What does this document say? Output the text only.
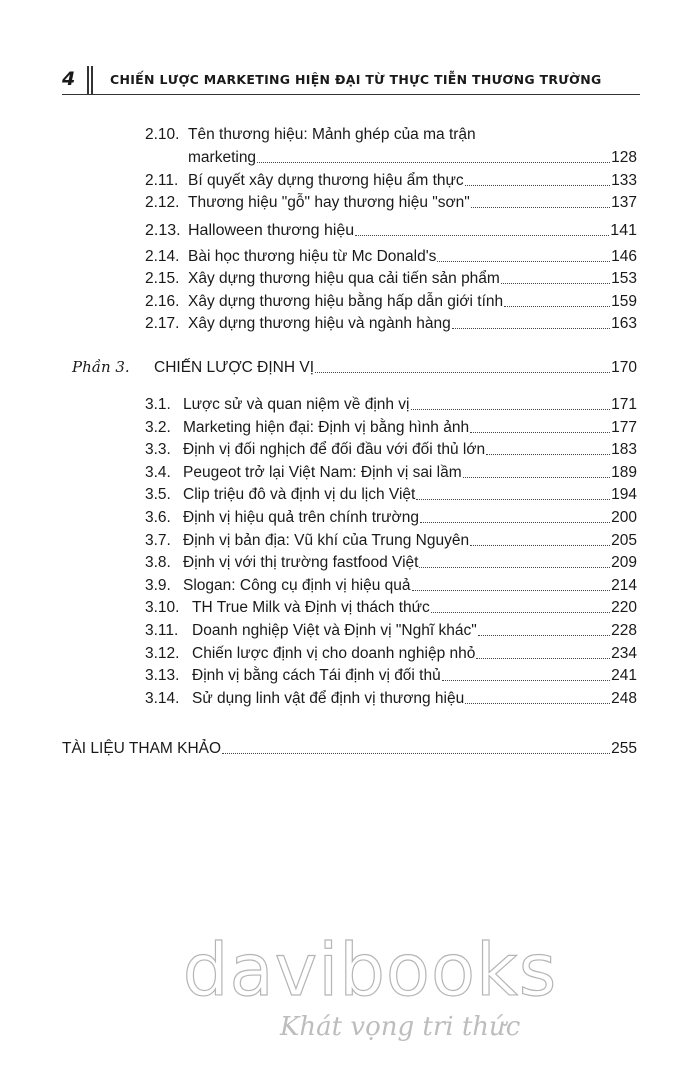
4	CHIẾN LƯỢC MARKETING HIỆN ĐẠI TỪ THỰC TIỄN THƯƠNG TRƯỜNG
2.10. Tên thương hiệu: Mảnh ghép của ma trận
marketing	128
2.11. Bí quyết xây dựng thương hiệu ẩm thực	133
2.12. Thương hiệu "gỗ" hay thương hiệu "sơn"	137
2.13. Halloween thương hiệu	141
2.14. Bài học thương hiệu từ Mc Donald's	146
2.15. Xây dựng thương hiệu qua cải tiến sản phẩm	153
2.16. Xây dựng thương hiệu bằng hấp dẫn giới tính	159
2.17. Xây dựng thương hiệu và ngành hàng	163
Phần 3.	CHIẾN LƯỢC ĐỊNH VỊ	170
3.1. Lược sử và quan niệm về định vị	171
3.2. Marketing hiện đại: Định vị bằng hình ảnh	177
3.3. Định vị đối nghịch để đối đầu với đối thủ lớn	183
3.4. Peugeot trở lại Việt Nam: Định vị sai lầm	189
3.5. Clip triệu đô và định vị du lịch Việt	194
3.6. Định vị hiệu quả trên chính trường	200
3.7. Định vị bản địa: Vũ khí của Trung Nguyên	205
3.8. Định vị với thị trường fastfood Việt	209
3.9. Slogan: Công cụ định vị hiệu quả	214
3.10. TH True Milk và Định vị thách thức	220
3.11. Doanh nghiệp Việt và Định vị "Nghĩ khác"	228
3.12. Chiến lược định vị cho doanh nghiệp nhỏ	234
3.13. Định vị bằng cách Tái định vị đối thủ	241
3.14. Sử dụng linh vật để định vị thương hiệu	248
TÀI LIỆU THAM KHẢO	255
davibooks
Khát vọng tri thức
